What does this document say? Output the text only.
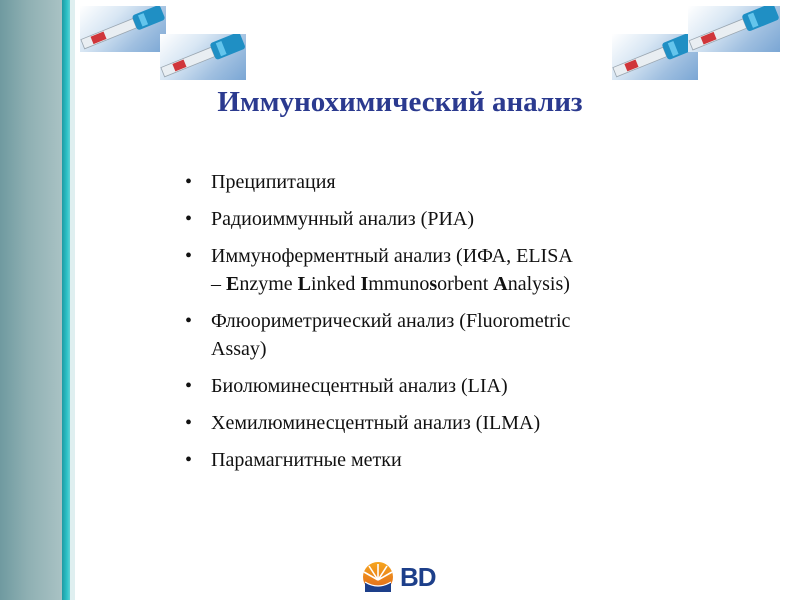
Иммунохимический анализ
• Преципитация
• Радиоиммунный анализ (РИА)
• Иммуноферментный анализ (ИФА, ELISA
– Enzyme Linked Immunosorbent Analysis)
• Флюориметрический анализ (Fluorometric
Assay)
• Биолюминесцентный анализ (LIA)
• Хемилюминесцентный анализ (ILMA)
• Парамагнитные метки
BD
